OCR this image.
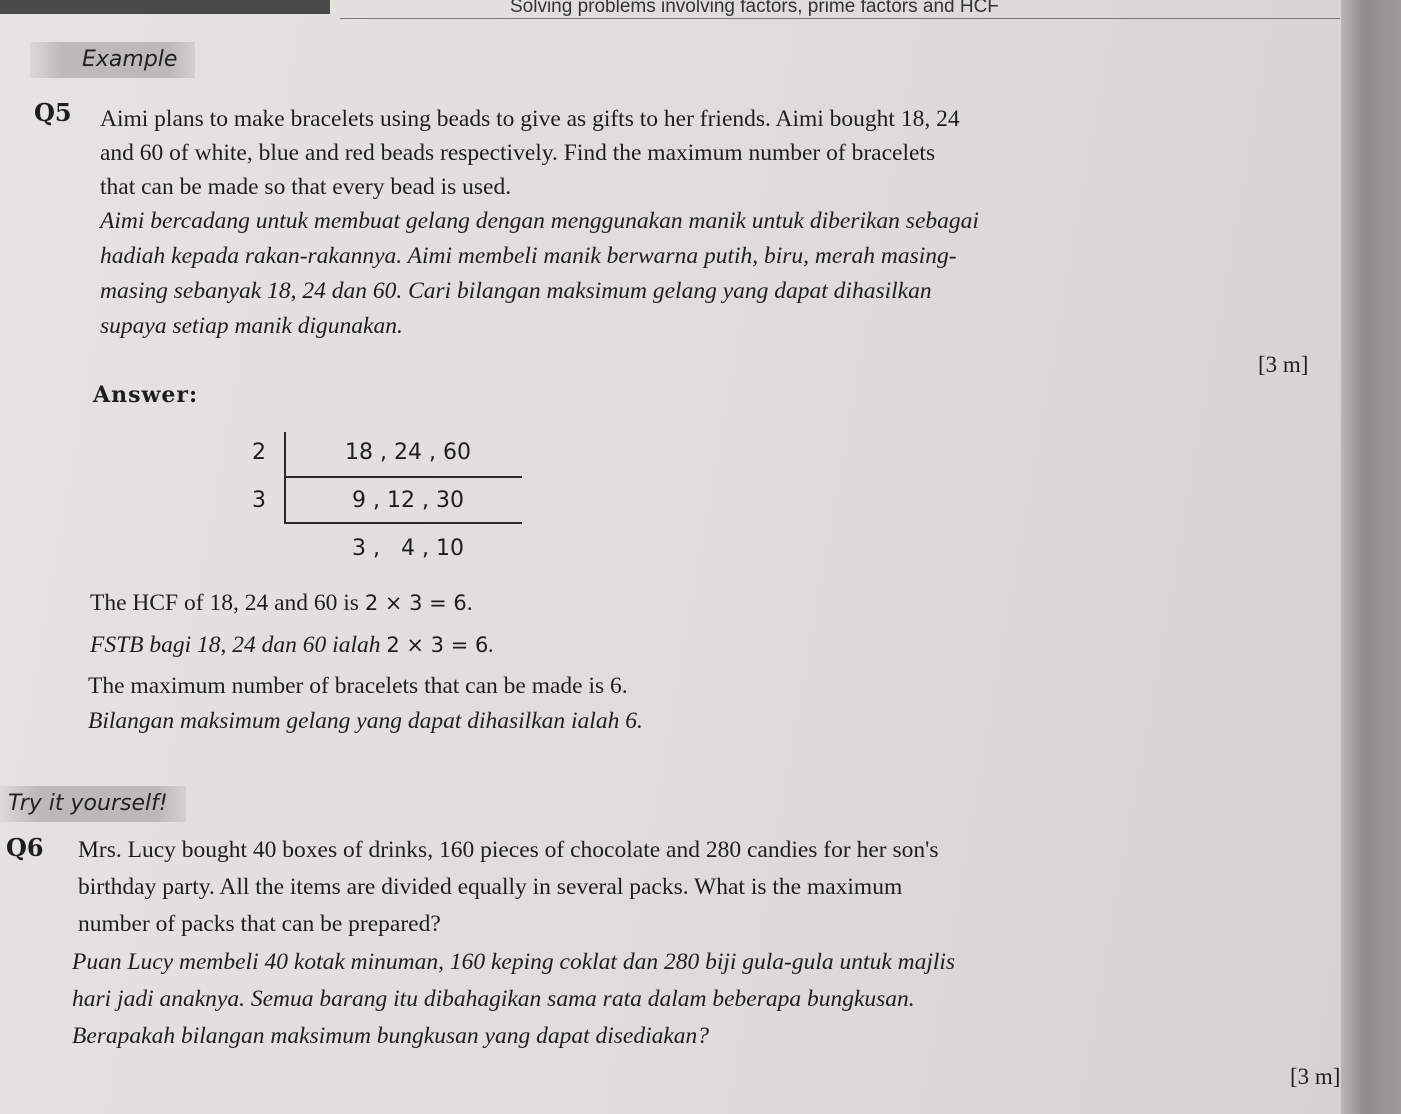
Solving problems involving factors, prime factors and HCF
Example
Q5 Aimi plans to make bracelets using beads to give as gifts to her friends. Aimi bought 18, 24
and 60 of white, blue and red beads respectively. Find the maximum number of bracelets
that can be made so that every bead is used.

Aimi bercadang untuk membuat gelang dengan menggunakan manik untuk diberikan sebagai
hadiah kepada rakan-rakannya. Aimi membeli manik berwarna putih, biru, merah masing-
masing sebanyak 18, 24 dan 60. Cari bilangan maksimum gelang yang dapat dihasilkan
supaya setiap manik digunakan.

[3 m]
Answer:
2	18 , 24 , 60
3	9 , 12 , 30
3 ,   4 , 10
The HCF of 18, 24 and 60 is 2 × 3 = 6.
FSTB bagi 18, 24 dan 60 ialah 2 × 3 = 6.
The maximum number of bracelets that can be made is 6.
Bilangan maksimum gelang yang dapat dihasilkan ialah 6.
Try it yourself!
Q6 Mrs. Lucy bought 40 boxes of drinks, 160 pieces of chocolate and 280 candies for her son's
birthday party. All the items are divided equally in several packs. What is the maximum
number of packs that can be prepared?

Puan Lucy membeli 40 kotak minuman, 160 keping coklat dan 280 biji gula-gula untuk majlis
hari jadi anaknya. Semua barang itu dibahagikan sama rata dalam beberapa bungkusan.
Berapakah bilangan maksimum bungkusan yang dapat disediakan?

[3 m]
